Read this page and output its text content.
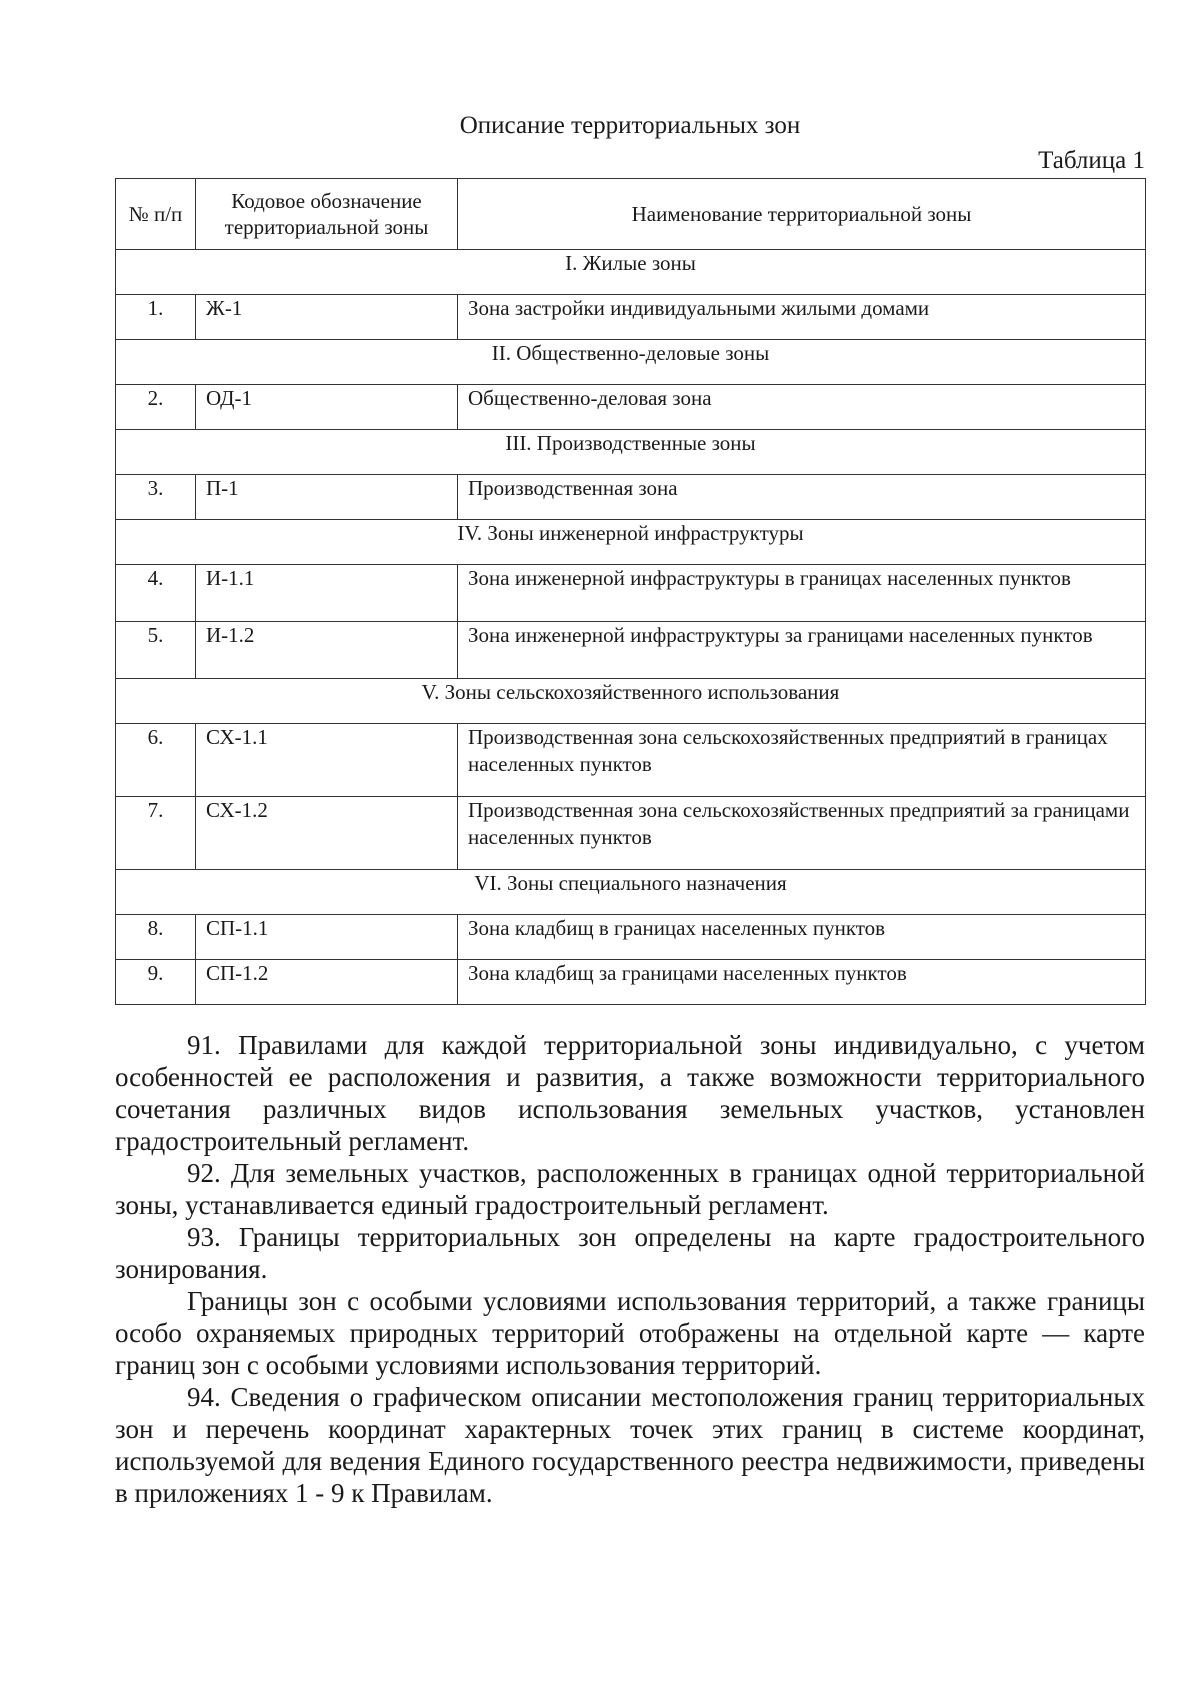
Описание территориальных зон
Таблица 1
№ п/п	Кодовое обозначение территориальной зоны	Наименование территориальной зоны
I. Жилые зоны		
1.	Ж-1	Зона застройки индивидуальными жилыми домами
II. Общественно-деловые зоны		
2.	ОД-1	Общественно-деловая зона
III. Производственные зоны		
3.	П-1	Производственная зона
IV. Зоны инженерной инфраструктуры		
4.	И-1.1	Зона инженерной инфраструктуры в границах населенных пунктов
5.	И-1.2	Зона инженерной инфраструктуры за границами населенных пунктов
V. Зоны сельскохозяйственного использования		
6.	СХ-1.1	Производственная зона сельскохозяйственных предприятий в границах населенных пунктов
7.	СХ-1.2	Производственная зона сельскохозяйственных предприятий за границами населенных пунктов
VI. Зоны специального назначения		
8.	СП-1.1	Зона кладбищ в границах населенных пунктов
9.	СП-1.2	Зона кладбищ за границами населенных пунктов

91. Правилами для каждой территориальной зоны индивидуально, с учетом особенностей ее расположения и развития, а также возможности территориального сочетания различных видов использования земельных участков, установлен градостроительный регламент.

92. Для земельных участков, расположенных в границах одной территориальной зоны, устанавливается единый градостроительный регламент.

93. Границы территориальных зон определены на карте градостроительного зонирования.

Границы зон с особыми условиями использования территорий, а также границы особо охраняемых природных территорий отображены на отдельной карте — карте границ зон с особыми условиями использования территорий.

94. Сведения о графическом описании местоположения границ территориальных зон и перечень координат характерных точек этих границ в системе координат, используемой для ведения Единого государственного реестра недвижимости, приведены в приложениях 1 - 9 к Правилам.
